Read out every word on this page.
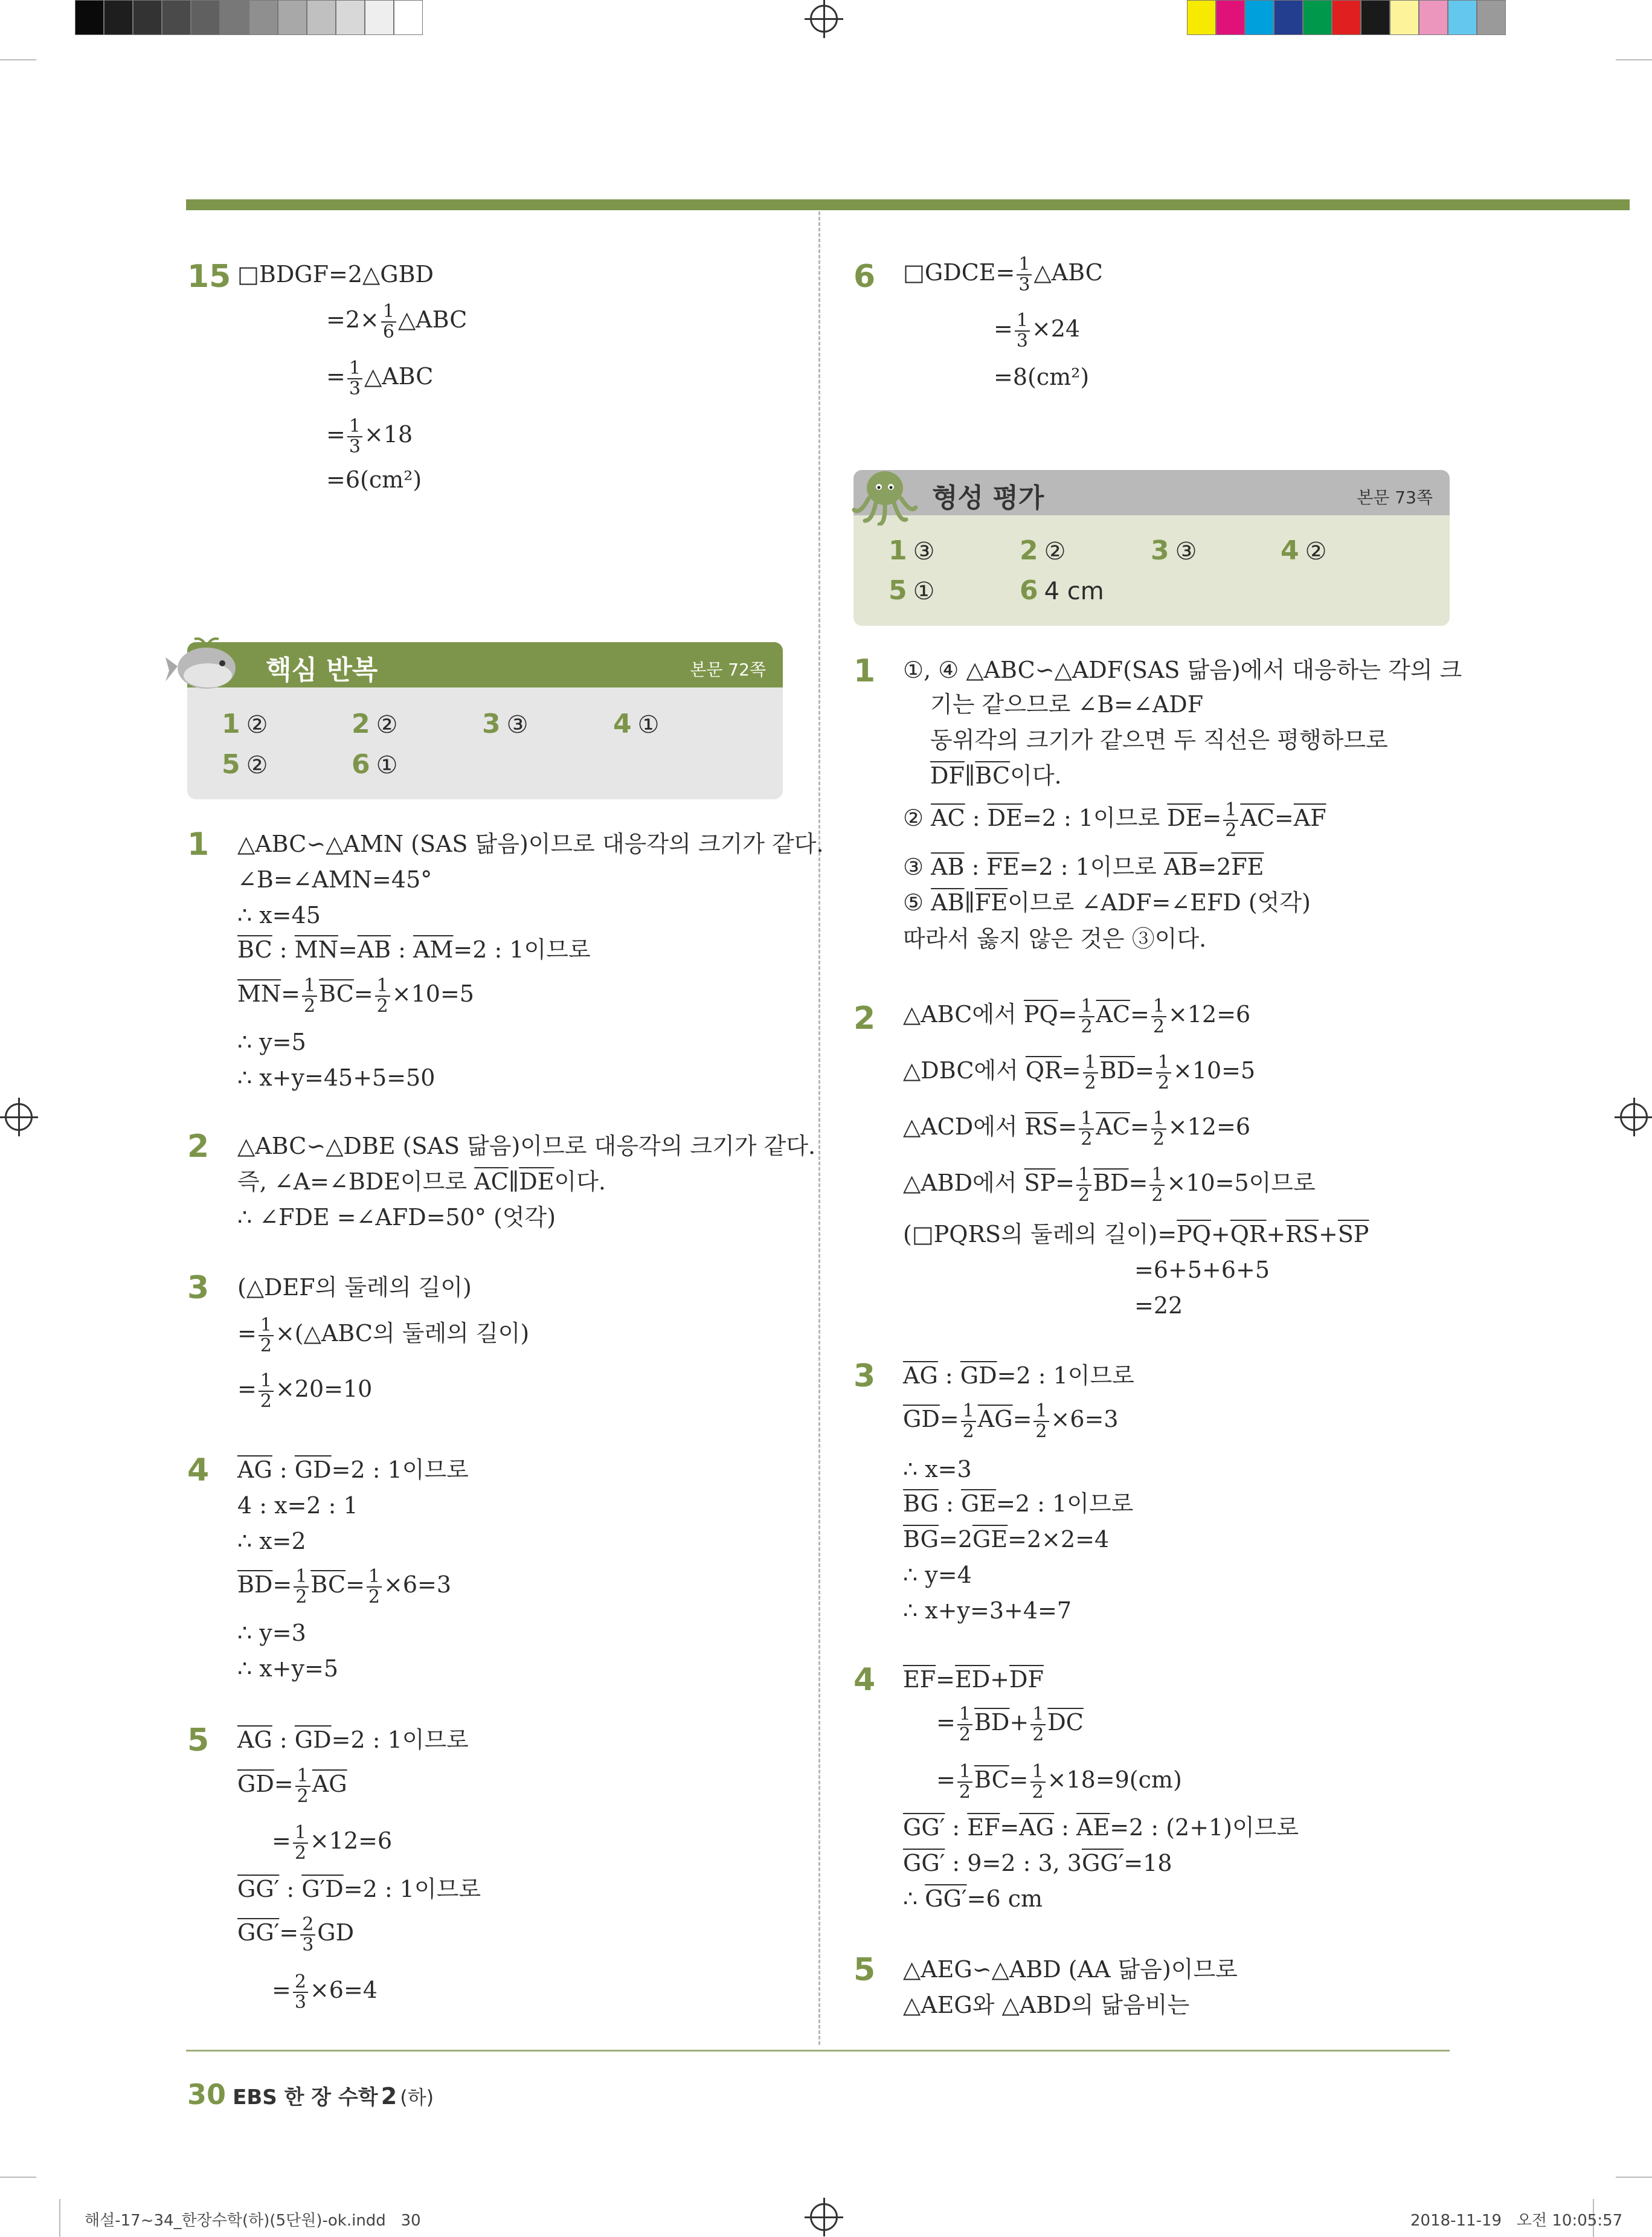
15 □BDGF=2△GBD
$=2\times \frac{1}{6}$ △ABC
= $\frac{1}{3}$ △ABC
= $\frac{1}{3} \times 18$
=6(cm²)
핵심 반복	본문 72쪽
1 ②	2 ②	3 ③	4 ①
5 ②	6 ①
1 △ABC∽△AMN (SAS 닮음)이므로 대응각의 크기가 같다.
∠B=∠AMN=45°
∴ x=45
$\overline{BC}$ : $\overline{MN}=\overline{AB}$ : $\overline{AM}=2$ : 1이므로
$\overline{MN}= \frac{1}{2} \overline{BC}= \frac{1}{2} \times 10=5$
∴ y=5
∴ x+y=45+5=50
2 △ABC∽△DBE (SAS 닮음)이므로 대응각의 크기가 같다.
즉, ∠A=∠BDE이므로 $\overline{AC}\parallel\overline{DE}$이다.
∴ ∠FDE =∠AFD=50° (엇각)
3 (△DEF의 둘레의 길이)
= $\frac{1}{2}$ ×(△ABC의 둘레의 길이)
= $\frac{1}{2} \times 20=10$
4 $\overline{AG}$ : $\overline{GD}=2$ : 1이므로
4 : x=2 : 1
∴ x=2
$\overline{BD}= \frac{1}{2} \overline{BC}= \frac{1}{2} \times 6=3$
∴ y=3
∴ x+y=5
5 $\overline{AG}$ : $\overline{GD}=2$ : 1이므로
$\overline{GD}= \frac{1}{2} \overline{AG}$
= $\frac{1}{2} \times 12=6$
GG′ : G′D=2 : 1이므로
$GG'= \frac{2}{3}$ GD
= $\frac{2}{3} \times 6=4$
6 □GDCE= $\frac{1}{3}$ △ABC
= $\frac{1}{3} \times 24$
=8(cm²)
형성 평가	본문 73쪽
1 ③	2 ②	3 ③	4 ②
5 ①	6 4 cm
1 ①, ④ △ABC∽△ADF(SAS 닮음)에서 대응하는 각의 크
기는 같으므로 ∠B=∠ADF
동위각의 크기가 같으면 두 직선은 평행하므로
$\overline{DF}\parallel\overline{BC}$이다.
② $\overline{AC}$ : $\overline{DE}=2$ : 1이므로 $\overline{DE}= \frac{1}{2} \overline{AC}=\overline{AF}$
③ $\overline{AB}$ : $\overline{FE}=2$ : 1이므로 $\overline{AB}=2\overline{FE}$
⑤ $\overline{AB}\parallel\overline{FE}$이므로 ∠ADF=∠EFD (엇각)
따라서 옳지 않은 것은 ③이다.
2 △ABC에서 $\overline{PQ}= \frac{1}{2} \overline{AC}= \frac{1}{2} \times 12=6$
△DBC에서 $\overline{QR}= \frac{1}{2} \overline{BD}= \frac{1}{2} \times 10=5$
△ACD에서 $\overline{RS}= \frac{1}{2} \overline{AC}= \frac{1}{2} \times 12=6$
△ABD에서 $\overline{SP}= \frac{1}{2} \overline{BD}= \frac{1}{2} \times 10=5$이므로
(□PQRS의 둘레의 길이)$=\overline{PQ}+\overline{QR}+\overline{RS}+\overline{SP}$
=6+5+6+5
=22
3 $\overline{AG}$ : $\overline{GD}=2$ : 1이므로
$\overline{GD}= \frac{1}{2} \overline{AG}= \frac{1}{2} \times 6=3$
∴ x=3
$\overline{BG}$ : $\overline{GE}=2$ : 1이므로
$\overline{BG}=2\overline{GE}=2\times 2=4$
∴ y=4
∴ x+y=3+4=7
4 $\overline{EF}=\overline{ED}+\overline{DF}$
= $\frac{1}{2} \overline{BD}+ \frac{1}{2} \overline{DC}$
= $\frac{1}{2} \overline{BC}= \frac{1}{2} \times 18=9(cm)$
GG′ : $\overline{EF}=\overline{AG}$ : $\overline{AE}=2$ : (2+1)이므로
GG′ : 9=2 : 3, 3GG′=18
∴ GG′=6 cm
5 △AEG∽△ABD (AA 닮음)이므로
△AEG와 △ABD의 닮음비는
30 EBS 한 장 수학 2 (하)
해설-17~34_한장수학(하)(5단원)-ok.indd   30	2018-11-19   오전 10:05:57
